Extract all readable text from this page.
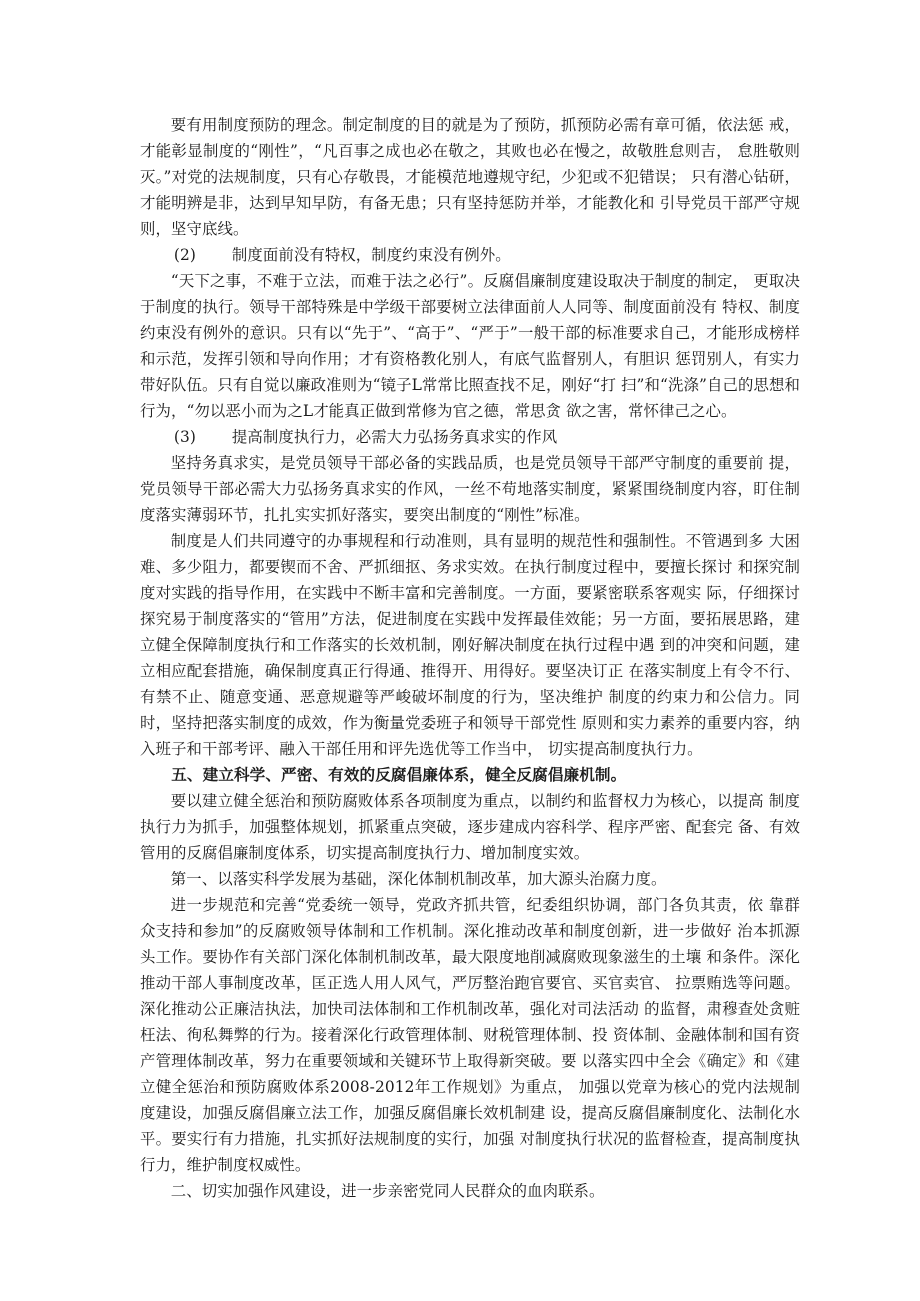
要有用制度预防的理念。制定制度的目的就是为了预防，抓预防必需有章可循，依法惩 戒，才能彰显制度的“刚性”，“凡百事之成也必在敬之，其败也必在慢之，故敬胜怠则吉， 怠胜敬则灭。”对党的法规制度，只有心存敬畏，才能模范地遵规守纪，少犯或不犯错误； 只有潜心钻研，才能明辨是非，达到早知早防，有备无患；只有坚持惩防并举，才能教化和 引导党员干部严守规则，坚守底线。

(2) 制度面前没有特权，制度约束没有例外。

“天下之事，不难于立法，而难于法之必行”。反腐倡廉制度建设取决于制度的制定， 更取决于制度的执行。领导干部特殊是中学级干部要树立法律面前人人同等、制度面前没有 特权、制度约束没有例外的意识。只有以“先于”、“高于”、“严于”一般干部的标准要求自己，才能形成榜样和示范，发挥引领和导向作用；才有资格教化别人，有底气监督别人，有胆识 惩罚别人，有实力带好队伍。只有自觉以廉政准则为“镜子L常常比照查找不足，刚好“打 扫”和“洗涤”自己的思想和行为，“勿以恶小而为之L才能真正做到常修为官之德，常思贪 欲之害，常怀律己之心。

(3) 提高制度执行力，必需大力弘扬务真求实的作风

坚持务真求实，是党员领导干部必备的实践品质，也是党员领导干部严守制度的重要前 提，党员领导干部必需大力弘扬务真求实的作风，一丝不苟地落实制度，紧紧围绕制度内容，盯住制度落实薄弱环节，扎扎实实抓好落实，要突出制度的“刚性”标准。

制度是人们共同遵守的办事规程和行动准则，具有显明的规范性和强制性。不管遇到多 大困难、多少阻力，都要锲而不舍、严抓细抠、务求实效。在执行制度过程中，要擅长探讨 和探究制度对实践的指导作用，在实践中不断丰富和完善制度。一方面，要紧密联系客观实 际，仔细探讨探究易于制度落实的“管用”方法，促进制度在实践中发挥最佳效能；另一方面，要拓展思路，建立健全保障制度执行和工作落实的长效机制，刚好解决制度在执行过程中遇 到的冲突和问题，建立相应配套措施，确保制度真正行得通、推得开、用得好。要坚决订正 在落实制度上有令不行、有禁不止、随意变通、恶意规避等严峻破坏制度的行为，坚决维护 制度的约束力和公信力。同时，坚持把落实制度的成效，作为衡量党委班子和领导干部党性 原则和实力素养的重要内容，纳入班子和干部考评、融入干部任用和评先选优等工作当中， 切实提高制度执行力。

五、建立科学、严密、有效的反腐倡廉体系，健全反腐倡廉机制。

要以建立健全惩治和预防腐败体系各项制度为重点，以制约和监督权力为核心，以提高 制度执行力为抓手，加强整体规划，抓紧重点突破，逐步建成内容科学、程序严密、配套完 备、有效管用的反腐倡廉制度体系，切实提高制度执行力、增加制度实效。

第一、以落实科学发展为基础，深化体制机制改革，加大源头治腐力度。

进一步规范和完善“党委统一领导，党政齐抓共管，纪委组织协调，部门各负其责，依 靠群众支持和参加”的反腐败领导体制和工作机制。深化推动改革和制度创新，进一步做好 治本抓源头工作。要协作有关部门深化体制机制改革，最大限度地削减腐败现象滋生的土壤 和条件。深化推动干部人事制度改革，匡正选人用人风气，严厉整治跑官要官、买官卖官、 拉票贿选等问题。深化推动公正廉洁执法，加快司法体制和工作机制改革，强化对司法活动 的监督，肃穆查处贪赃枉法、徇私舞弊的行为。接着深化行政管理体制、财税管理体制、投 资体制、金融体制和国有资产管理体制改革，努力在重要领域和关键环节上取得新突破。要 以落实四中全会《确定》和《建立健全惩治和预防腐败体系2008-2012年工作规划》为重点， 加强以党章为核心的党内法规制度建设，加强反腐倡廉立法工作，加强反腐倡廉长效机制建 设，提高反腐倡廉制度化、法制化水平。要实行有力措施，扎实抓好法规制度的实行，加强 对制度执行状况的监督检查，提高制度执行力，维护制度权威性。

二、切实加强作风建设，进一步亲密党同人民群众的血肉联系。
